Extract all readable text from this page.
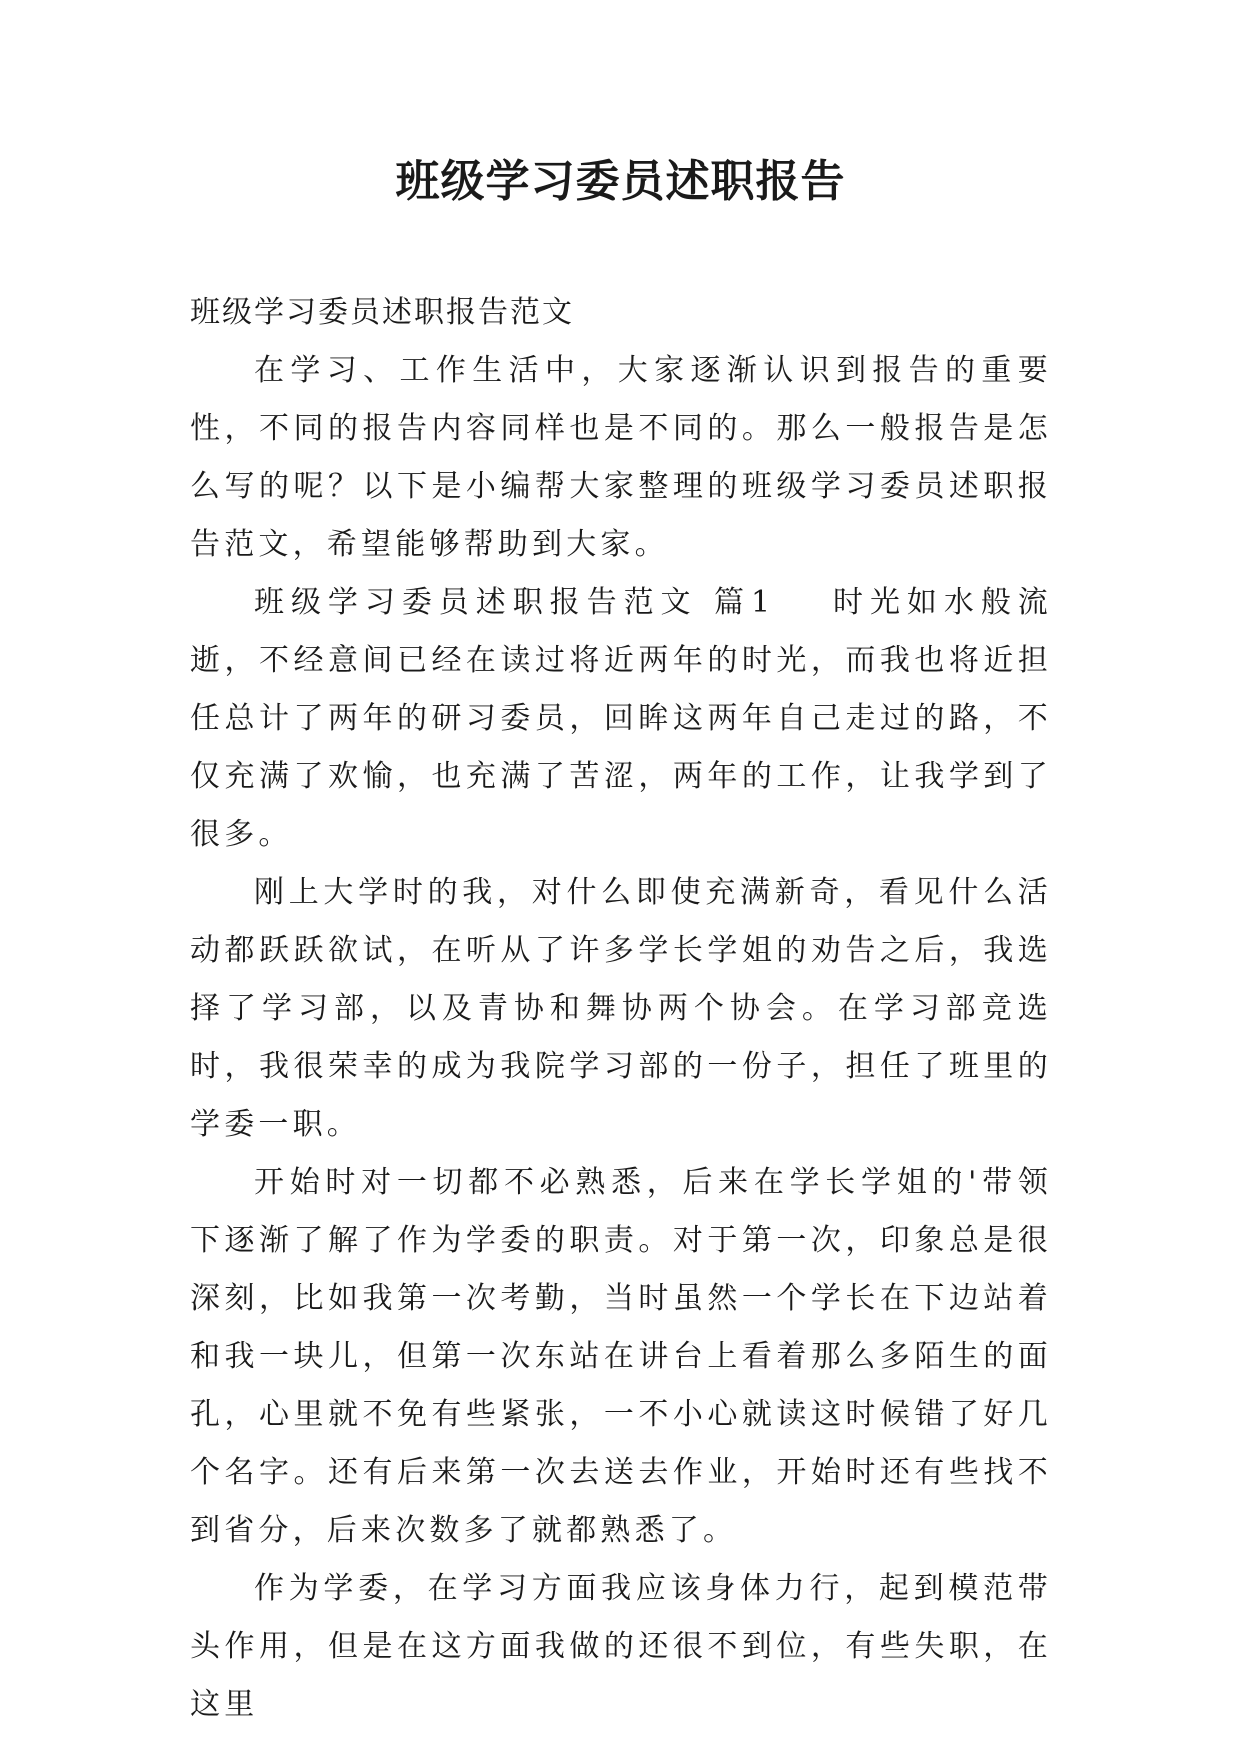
班级学习委员述职报告

班级学习委员述职报告范文

在学习、工作生活中，大家逐渐认识到报告的重要性，不同的报告内容同样也是不同的。那么一般报告是怎么写的呢？以下是小编帮大家整理的班级学习委员述职报告范文，希望能够帮助到大家。

班级学习委员述职报告范文 篇1 时光如水般流逝，不经意间已经在读过将近两年的时光，而我也将近担任总计了两年的研习委员，回眸这两年自己走过的路，不仅充满了欢愉，也充满了苦涩，两年的工作，让我学到了很多。

刚上大学时的我，对什么即使充满新奇，看见什么活动都跃跃欲试，在听从了许多学长学姐的劝告之后，我选择了学习部，以及青协和舞协两个协会。在学习部竞选时，我很荣幸的成为我院学习部的一份子，担任了班里的学委一职。

开始时对一切都不必熟悉，后来在学长学姐的'带领下逐渐了解了作为学委的职责。对于第一次，印象总是很深刻，比如我第一次考勤，当时虽然一个学长在下边站着和我一块儿，但第一次东站在讲台上看着那么多陌生的面孔，心里就不免有些紧张，一不小心就读这时候错了好几个名字。还有后来第一次去送去作业，开始时还有些找不到省分，后来次数多了就都熟悉了。

作为学委，在学习方面我应该身体力行，起到模范带头作用，但是在这方面我做的还很不到位，有些失职，在这里
